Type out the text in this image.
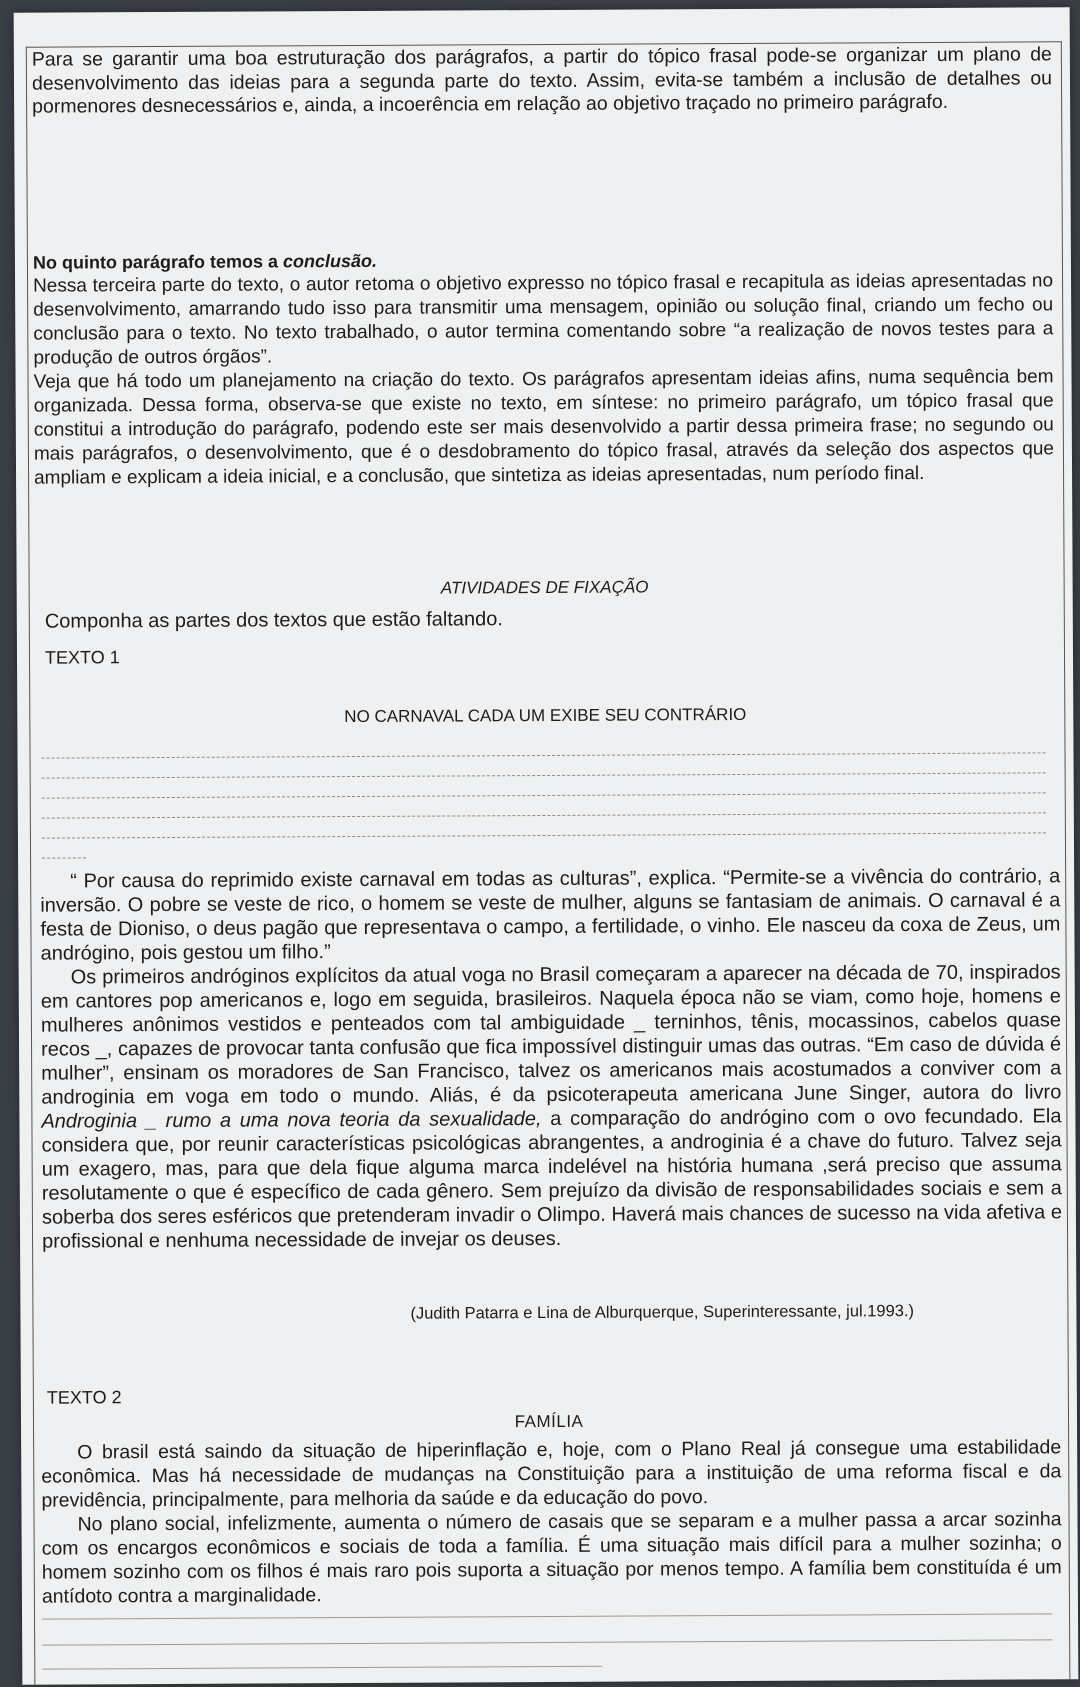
Para se garantir uma boa estruturação dos parágrafos, a partir do tópico frasal pode-se organizar um plano de desenvolvimento das ideias para a segunda parte do texto. Assim, evita-se também a inclusão de detalhes ou pormenores desnecessários e, ainda, a incoerência em relação ao objetivo traçado no primeiro parágrafo.

No quinto parágrafo temos a conclusão.

Nessa terceira parte do texto, o autor retoma o objetivo expresso no tópico frasal e recapitula as ideias apresentadas no desenvolvimento, amarrando tudo isso para transmitir uma mensagem, opinião ou solução final, criando um fecho ou conclusão para o texto. No texto trabalhado, o autor termina comentando sobre “a realização de novos testes para a produção de outros órgãos”.

Veja que há todo um planejamento na criação do texto. Os parágrafos apresentam ideias afins, numa sequência bem organizada. Dessa forma, observa-se que existe no texto, em síntese: no primeiro parágrafo, um tópico frasal que constitui a introdução do parágrafo, podendo este ser mais desenvolvido a partir dessa primeira frase; no segundo ou mais parágrafos, o desenvolvimento, que é o desdobramento do tópico frasal, através da seleção dos aspectos que ampliam e explicam a ideia inicial, e a conclusão, que sintetiza as ideias apresentadas, num período final.

ATIVIDADES DE FIXAÇÃO
Componha as partes dos textos que estão faltando.
TEXTO 1
NO CARNAVAL CADA UM EXIBE SEU CONTRÁRIO

“ Por causa do reprimido existe carnaval em todas as culturas”, explica. “Permite-se a vivência do contrário, a inversão. O pobre se veste de rico, o homem se veste de mulher, alguns se fantasiam de animais. O carnaval é a festa de Dioniso, o deus pagão que representava o campo, a fertilidade, o vinho. Ele nasceu da coxa de Zeus, um andrógino, pois gestou um filho.”

Os primeiros andróginos explícitos da atual voga no Brasil começaram a aparecer na década de 70, inspirados em cantores pop americanos e, logo em seguida, brasileiros. Naquela época não se viam, como hoje, homens e mulheres anônimos vestidos e penteados com tal ambiguidade _ terninhos, tênis, mocassinos, cabelos quase recos _, capazes de provocar tanta confusão que fica impossível distinguir umas das outras. “Em caso de dúvida é mulher”, ensinam os moradores de San Francisco, talvez os americanos mais acostumados a conviver com a androginia em voga em todo o mundo. Aliás, é da psicoterapeuta americana June Singer, autora do livro Androginia _ rumo a uma nova teoria da sexualidade, a comparação do andrógino com o ovo fecundado. Ela considera que, por reunir características psicológicas abrangentes, a androginia é a chave do futuro. Talvez seja um exagero, mas, para que dela fique alguma marca indelével na história humana ,será preciso que assuma resolutamente o que é específico de cada gênero. Sem prejuízo da divisão de responsabilidades sociais e sem a soberba dos seres esféricos que pretenderam invadir o Olimpo. Haverá mais chances de sucesso na vida afetiva e profissional e nenhuma necessidade de invejar os deuses.

(Judith Patarra e Lina de Alburquerque, Superinteressante, jul.1993.)
TEXTO 2
FAMÍLIA

O brasil está saindo da situação de hiperinflação e, hoje, com o Plano Real já consegue uma estabilidade econômica. Mas há necessidade de mudanças na Constituição para a instituição de uma reforma fiscal e da previdência, principalmente, para melhoria da saúde e da educação do povo.

No plano social, infelizmente, aumenta o número de casais que se separam e a mulher passa a arcar sozinha com os encargos econômicos e sociais de toda a família. É uma situação mais difícil para a mulher sozinha; o homem sozinho com os filhos é mais raro pois suporta a situação por menos tempo. A família bem constituída é um antídoto contra a marginalidade.
